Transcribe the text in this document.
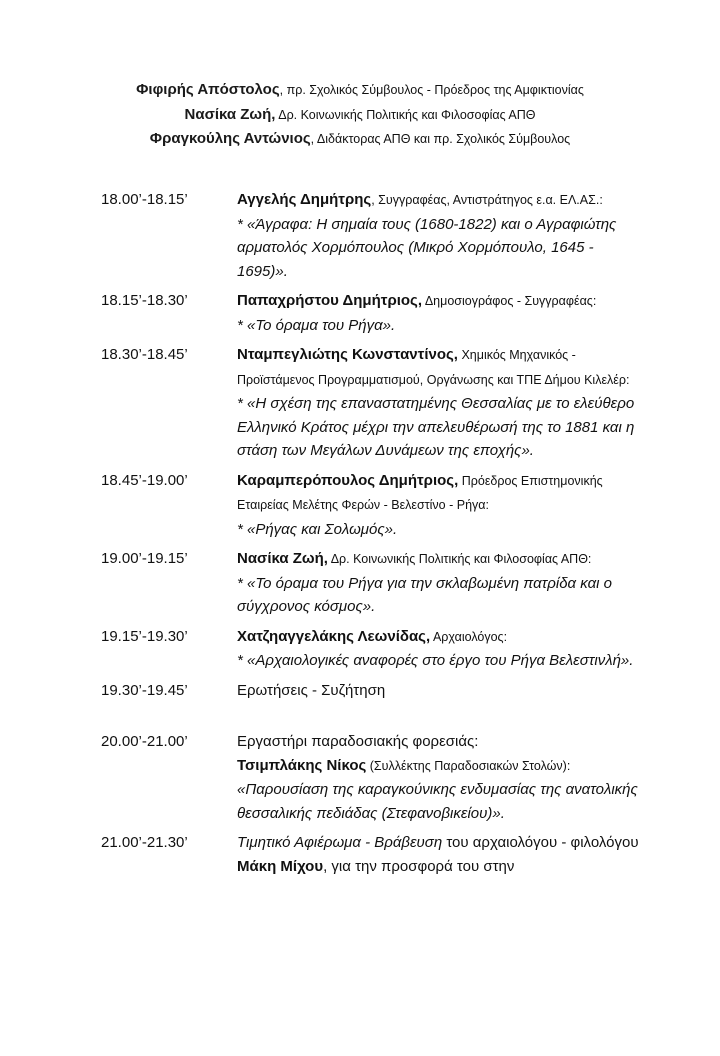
Φιφιρής Απόστολος, πρ. Σχολικός Σύμβουλος - Πρόεδρος της Αμφικτιονίας
Νασίκα Ζωή, Δρ. Κοινωνικής Πολιτικής και Φιλοσοφίας ΑΠΘ
Φραγκούλης Αντώνιος, Διδάκτορας ΑΠΘ και πρ. Σχολικός Σύμβουλος
18.00’-18.15’	Αγγελής Δημήτρης, Συγγραφέας, Αντιστράτηγος ε.α. ΕΛ.ΑΣ.:
* «Άγραφα: Η σημαία τους (1680-1822) και ο Αγραφιώτης αρματολός Χορμόπουλος (Μικρό Χορμόπουλο, 1645 - 1695)».
18.15’-18.30’	Παπαχρήστου Δημήτριος, Δημοσιογράφος - Συγγραφέας:
* «Το όραμα του Ρήγα».
18.30’-18.45’	Νταμπεγλιώτης Κωνσταντίνος, Χημικός Μηχανικός - Προϊστάμενος Προγραμματισμού, Οργάνωσης και ΤΠΕ Δήμου Κιλελέρ:
* «Η σχέση της επαναστατημένης Θεσσαλίας με το ελεύθερο Ελληνικό Κράτος μέχρι την απελευθέρωσή της το 1881 και η στάση των Μεγάλων Δυνάμεων της εποχής».
18.45’-19.00’	Καραμπερόπουλος Δημήτριος, Πρόεδρος Επιστημονικής Εταιρείας Μελέτης Φερών - Βελεστίνο - Ρήγα:
* «Ρήγας και Σολωμός».
19.00’-19.15’	Νασίκα Ζωή, Δρ. Κοινωνικής Πολιτικής και Φιλοσοφίας ΑΠΘ:
* «Το όραμα του Ρήγα για την σκλαβωμένη πατρίδα και ο σύγχρονος κόσμος».
19.15’-19.30’	Χατζηαγγελάκης Λεωνίδας, Αρχαιολόγος:
* «Αρχαιολογικές αναφορές στο έργο του Ρήγα Βελεστινλή».
19.30’-19.45’	Ερωτήσεις - Συζήτηση
20.00’-21.00’	Εργαστήρι παραδοσιακής φορεσιάς:
Τσιμπλάκης Νίκος (Συλλέκτης Παραδοσιακών Στολών):
«Παρουσίαση της καραγκούνικης ενδυμασίας της ανατολικής θεσσαλικής πεδιάδας (Στεφανοβικείου)».
21.00’-21.30’	Τιμητικό Αφιέρωμα - Βράβευση του αρχαιολόγου - φιλολόγου Μάκη Μίχου, για την προσφορά του στην
